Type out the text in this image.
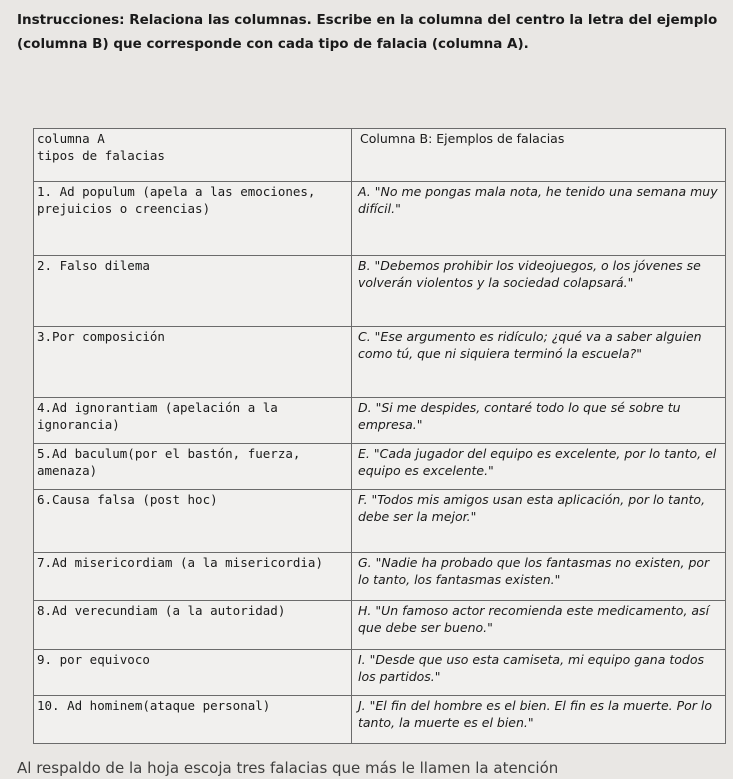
Instrucciones: Relaciona las columnas. Escribe en la columna del centro la letra del ejemplo (columna B) que corresponde con cada tipo de falacia (columna A).
columna A
tipos de falacias	Columna B: Ejemplos de falacias
1. Ad populum (apela a las emociones, prejuicios o creencias)	A. "No me pongas mala nota, he tenido una semana muy difícil."
2. Falso dilema	B. "Debemos prohibir los videojuegos, o los jóvenes se volverán violentos y la sociedad colapsará."
3.Por composición	C. "Ese argumento es ridículo; ¿qué va a saber alguien como tú, que ni siquiera terminó la escuela?"
4.Ad ignorantiam (apelación a la ignorancia)	D. "Si me despides, contaré todo lo que sé sobre tu empresa."
5.Ad baculum(por el bastón, fuerza, amenaza)	E. "Cada jugador del equipo es excelente, por lo tanto, el equipo es excelente."
6.Causa falsa (post hoc)	F. "Todos mis amigos usan esta aplicación, por lo tanto, debe ser la mejor."
7.Ad misericordiam (a la misericordia)	G. "Nadie ha probado que los fantasmas no existen, por lo tanto, los fantasmas existen."
8.Ad verecundiam (a la autoridad)	H. "Un famoso actor recomienda este medicamento, así que debe ser bueno."
9. por equivoco	I. "Desde que uso esta camiseta, mi equipo gana todos los partidos."
10. Ad hominem(ataque personal)	J. "El fin del hombre es el bien. El fin es la muerte. Por lo tanto, la muerte es el bien."
Al respaldo de la hoja escoja tres falacias que más le llamen la atención
